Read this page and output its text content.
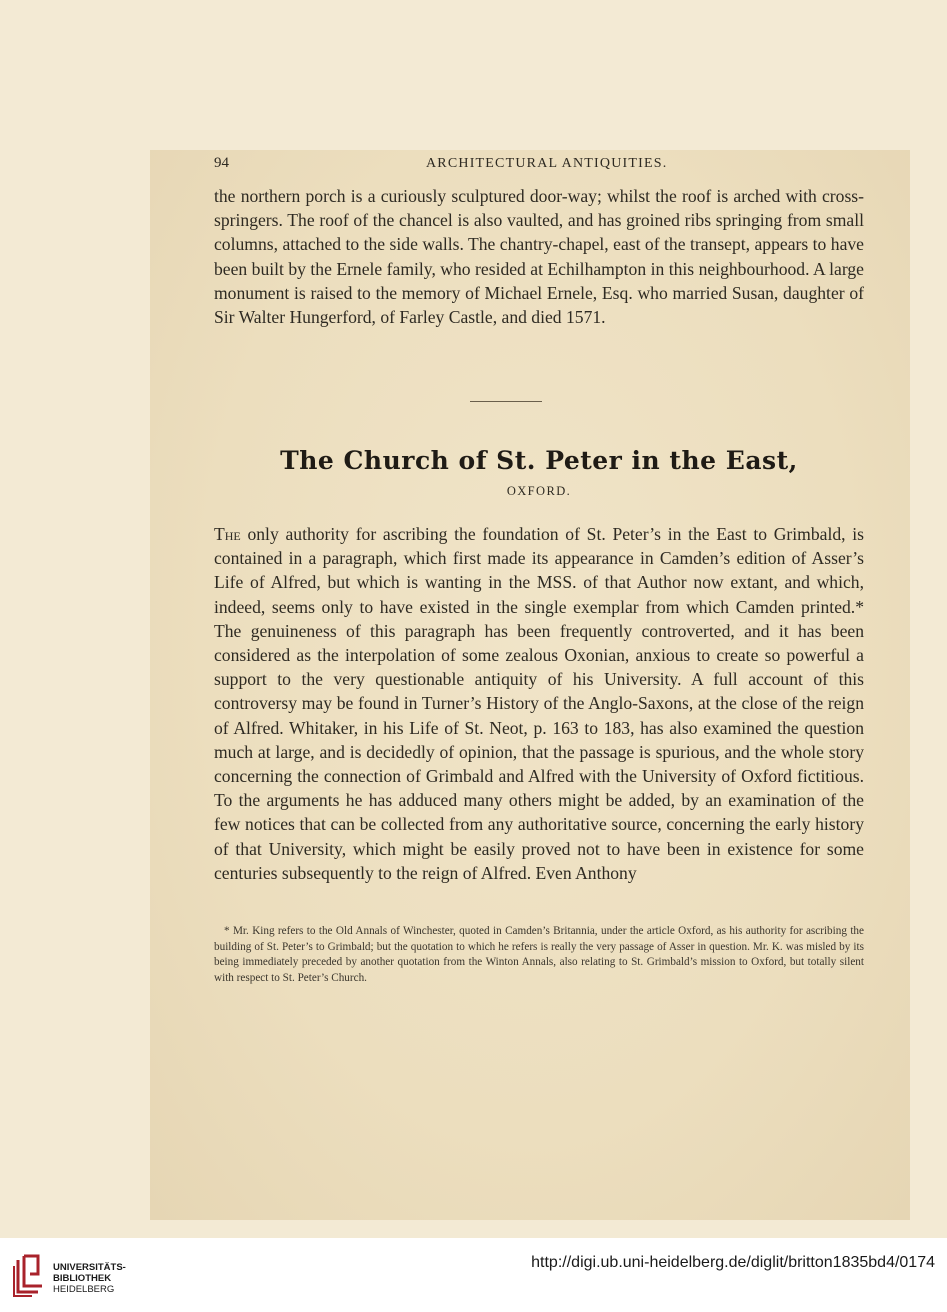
94	ARCHITECTURAL ANTIQUITIES.

the northern porch is a curiously sculptured door-way; whilst the roof is arched with cross-springers. The roof of the chancel is also vaulted, and has groined ribs springing from small columns, attached to the side walls. The chantry-chapel, east of the transept, appears to have been built by the Ernele family, who resided at Echilhampton in this neighbourhood. A large monument is raised to the memory of Michael Ernele, Esq. who married Susan, daughter of Sir Walter Hungerford, of Farley Castle, and died 1571.

The Church of St. Peter in the East,
OXFORD.

The only authority for ascribing the foundation of St. Peter’s in the East to Grimbald, is contained in a paragraph, which first made its appearance in Camden’s edition of Asser’s Life of Alfred, but which is wanting in the MSS. of that Author now extant, and which, indeed, seems only to have existed in the single exemplar from which Camden printed.* The genuineness of this paragraph has been frequently controverted, and it has been considered as the interpolation of some zealous Oxonian, anxious to create so powerful a support to the very questionable antiquity of his University. A full account of this controversy may be found in Turner’s History of the Anglo-Saxons, at the close of the reign of Alfred. Whitaker, in his Life of St. Neot, p. 163 to 183, has also examined the question much at large, and is decidedly of opinion, that the passage is spurious, and the whole story concerning the connection of Grimbald and Alfred with the University of Oxford fictitious. To the arguments he has adduced many others might be added, by an examination of the few notices that can be collected from any authoritative source, concerning the early history of that University, which might be easily proved not to have been in existence for some centuries subsequently to the reign of Alfred. Even Anthony

* Mr. King refers to the Old Annals of Winchester, quoted in Camden’s Britannia, under the article Oxford, as his authority for ascribing the building of St. Peter’s to Grimbald; but the quotation to which he refers is really the very passage of Asser in question. Mr. K. was misled by its being immediately preceded by another quotation from the Winton Annals, also relating to St. Grimbald’s mission to Oxford, but totally silent with respect to St. Peter’s Church.

UNIVERSITÄTS-
BIBLIOTHEK
HEIDELBERG
http://digi.ub.uni-heidelberg.de/diglit/britton1835bd4/0174
